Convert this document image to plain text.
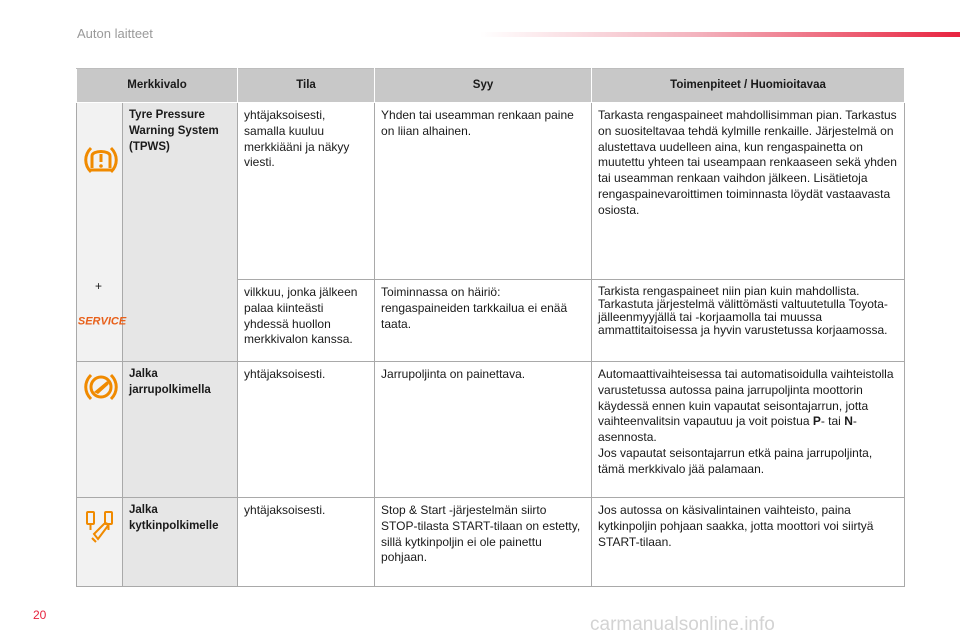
Auton laitteet
Merkkivalo		Tila	Syy	Toimenpiteet / Huomioitavaa

+
SERVICE	Tyre Pressure Warning System (TPWS)	yhtäjaksoisesti, samalla kuuluu merkkiääni ja näkyy viesti.	Yhden tai useamman renkaan paine on liian alhainen.	Tarkasta rengaspaineet mahdollisimman pian. Tarkastus on suositeltavaa tehdä kylmille renkaille. Järjestelmä on alustettava uudelleen aina, kun rengaspainetta on muutettu yhteen tai useampaan renkaaseen sekä yhden tai useamman renkaan vaihdon jälkeen. Lisätietoja rengaspainevaroittimen toiminnasta löydät vastaavasta osiosta.
		vilkkuu, jonka jälkeen palaa kiinteästi yhdessä huollon merkkivalon kanssa.	Toiminnassa on häiriö: rengaspaineiden tarkkailua ei enää taata.	Tarkista rengaspaineet niin pian kuin mahdollista. Tarkastuta järjestelmä välittömästi valtuutetulla Toyota-jälleenmyyjällä tai -korjaamolla tai muussa ammattitaitoisessa ja hyvin varustetussa korjaamossa.

	Jalka jarrupolkimella	yhtäjaksoisesti.	Jarrupoljinta on painettava.	Automaattivaihteisessa tai automatisoidulla vaihteistolla varustetussa autossa paina jarrupoljinta moottorin käydessä ennen kuin vapautat seisontajarrun, jotta vaihteenvalitsin vapautuu ja voit poistua P- tai N-asennosta.
Jos vapautat seisontajarrun etkä paina jarrupoljinta, tämä merkkivalo jää palamaan.

	Jalka kytkinpolkimelle	yhtäjaksoisesti.	Stop & Start -järjestelmän siirto STOP-tilasta START-tilaan on estetty, sillä kytkinpoljin ei ole painettu pohjaan.	Jos autossa on käsivalintainen vaihteisto, paina kytkinpoljin pohjaan saakka, jotta moottori voi siirtyä START-tilaan.
20	carmanualsonline.info
